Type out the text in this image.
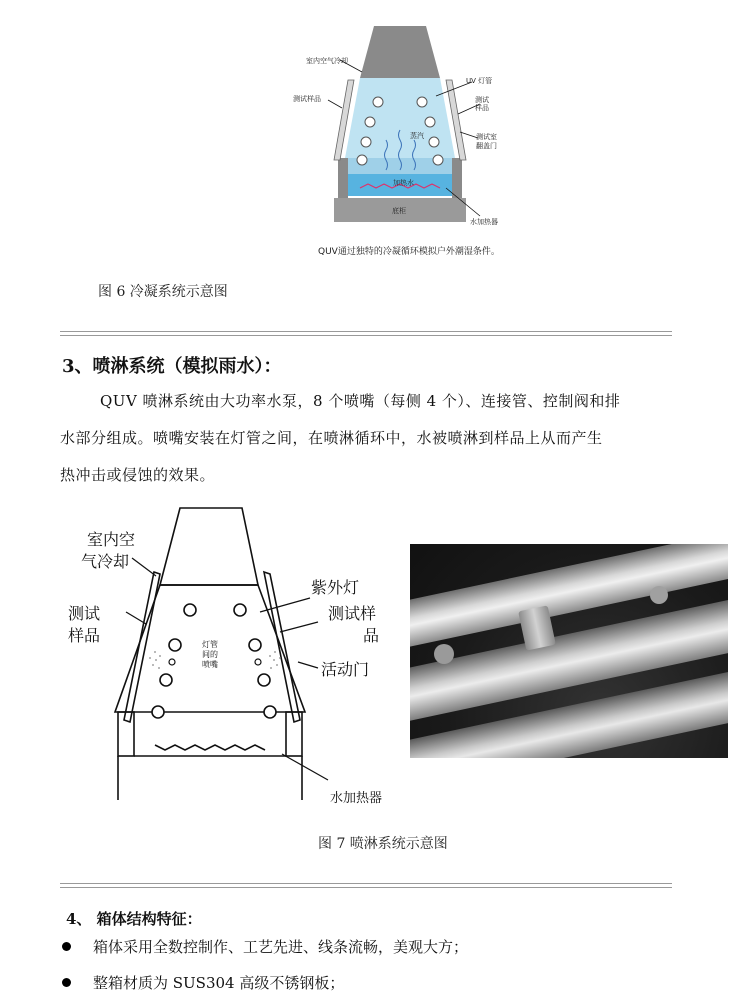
室内空气冷却
测试样品
UV 灯管
测试样品
测试室
翻盖门
蒸汽
加热水
底柜
水加热器
QUV通过独特的冷凝循环模拟户外潮湿条件。
图 6 冷凝系统示意图
3、喷淋系统（模拟雨水）：
QUV 喷淋系统由大功率水泵，8 个喷嘴（每侧 4 个）、连接管、控制阀和排
水部分组成。喷嘴安装在灯管之间，在喷淋循环中，水被喷淋到样品上从而产生
热冲击或侵蚀的效果。
室内空
气冷却
测试
样品
紫外灯
测试样
品
活动门
灯管
间的
喷嘴
水加热器
图 7 喷淋系统示意图
4、 箱体结构特征：
箱体采用全数控制作、工艺先进、线条流畅，美观大方；
整箱材质为 SUS304 高级不锈钢板；
